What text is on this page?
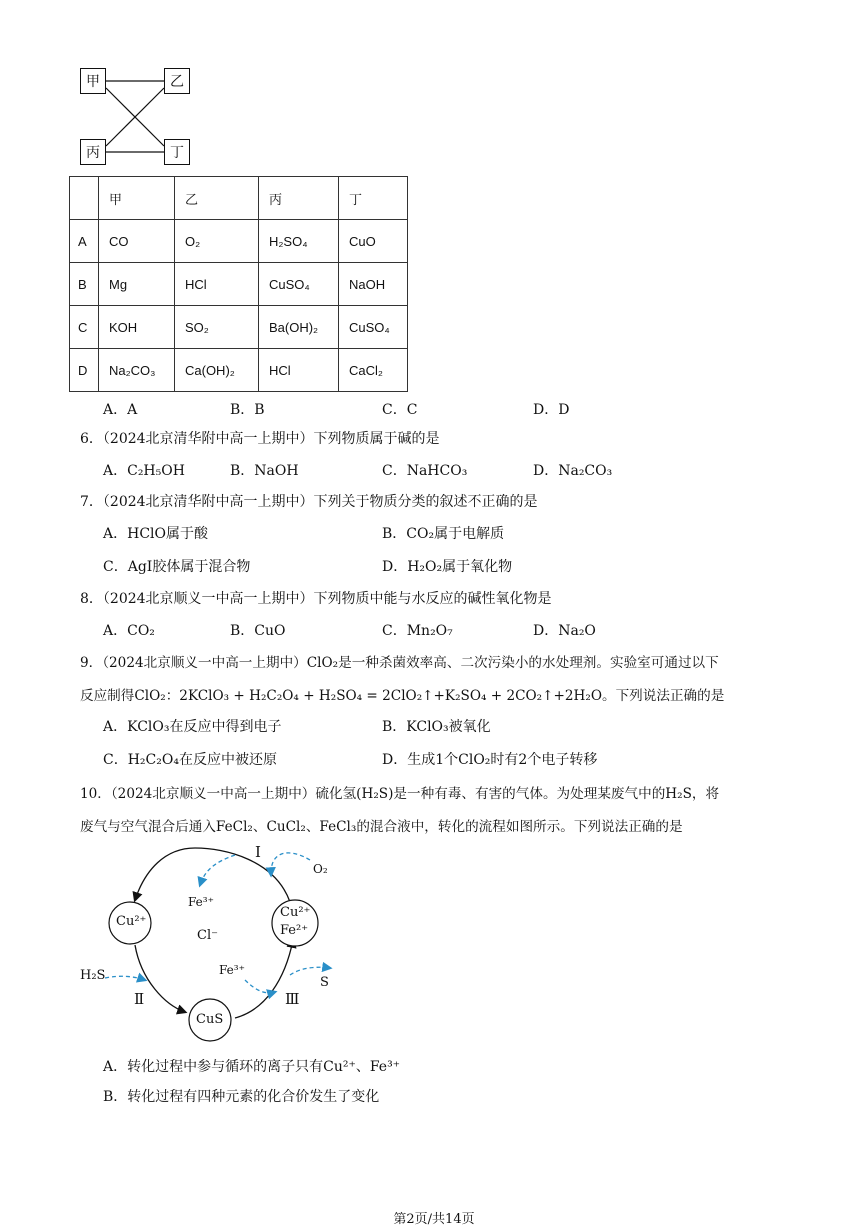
甲	乙
丙	丁
	甲	乙	丙	丁
A	CO	O₂	H₂SO₄	CuO
B	Mg	HCl	CuSO₄	NaOH
C	KOH	SO₂	Ba(OH)₂	CuSO₄
D	Na₂CO₃	Ca(OH)₂	HCl	CaCl₂
A．A	B．B	C．C	D．D
6．（2024北京清华附中高一上期中）下列物质属于碱的是
A．C₂H₅OH	B．NaOH	C．NaHCO₃	D．Na₂CO₃
7．（2024北京清华附中高一上期中）下列关于物质分类的叙述不正确的是
A．HClO属于酸	B．CO₂属于电解质
C．AgI胶体属于混合物	D．H₂O₂属于氧化物
8．（2024北京顺义一中高一上期中）下列物质中能与水反应的碱性氧化物是
A．CO₂	B．CuO	C．Mn₂O₇	D．Na₂O
9．（2024北京顺义一中高一上期中）ClO₂是一种杀菌效率高、二次污染小的水处理剂。实验室可通过以下
反应制得ClO₂：2KClO₃ + H₂C₂O₄ + H₂SO₄ = 2ClO₂↑+K₂SO₄ + 2CO₂↑+2H₂O。下列说法正确的是
A．KClO₃在反应中得到电子	B．KClO₃被氧化
C．H₂C₂O₄在反应中被还原	D．生成1个ClO₂时有2个电子转移
10．（2024北京顺义一中高一上期中）硫化氢(H₂S)是一种有毒、有害的气体。为处理某废气中的H₂S，将
废气与空气混合后通入FeCl₂、CuCl₂、FeCl₃的混合液中，转化的流程如图所示。下列说法正确的是
Cu²⁺
Cu²⁺
Fe²⁺
CuS
I
Ⅱ	Ⅲ
O₂
Fe³⁺
Cl⁻
H₂S	Fe³⁺
S
A．转化过程中参与循环的离子只有Cu²⁺、Fe³⁺
B．转化过程有四种元素的化合价发生了变化
第2页/共14页
